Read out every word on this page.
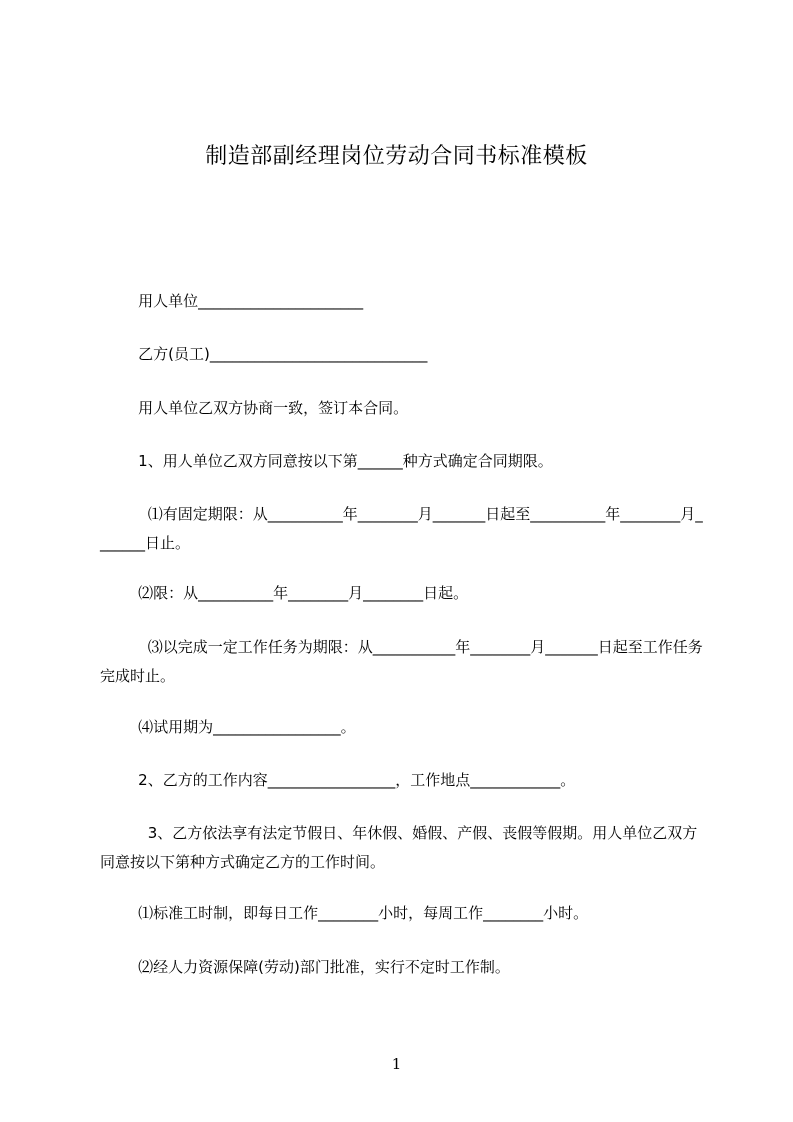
制造部副经理岗位劳动合同书标准模板
用人单位______________________
乙方(员工)_____________________________
用人单位乙双方协商一致，签订本合同。
1、用人单位乙双方同意按以下第______种方式确定合同期限。
⑴有固定期限：从__________年________月_______日起至__________年________月_______日止。
⑵限：从__________年________月________日起。
⑶以完成一定工作任务为期限：从___________年________月_______日起至工作任务完成时止。
⑷试用期为_________________。
2、乙方的工作内容_________________，工作地点____________。
3、乙方依法享有法定节假日、年休假、婚假、产假、丧假等假期。用人单位乙双方同意按以下第种方式确定乙方的工作时间。
⑴标准工时制，即每日工作________小时，每周工作________小时。
⑵经人力资源保障(劳动)部门批准，实行不定时工作制。
1
